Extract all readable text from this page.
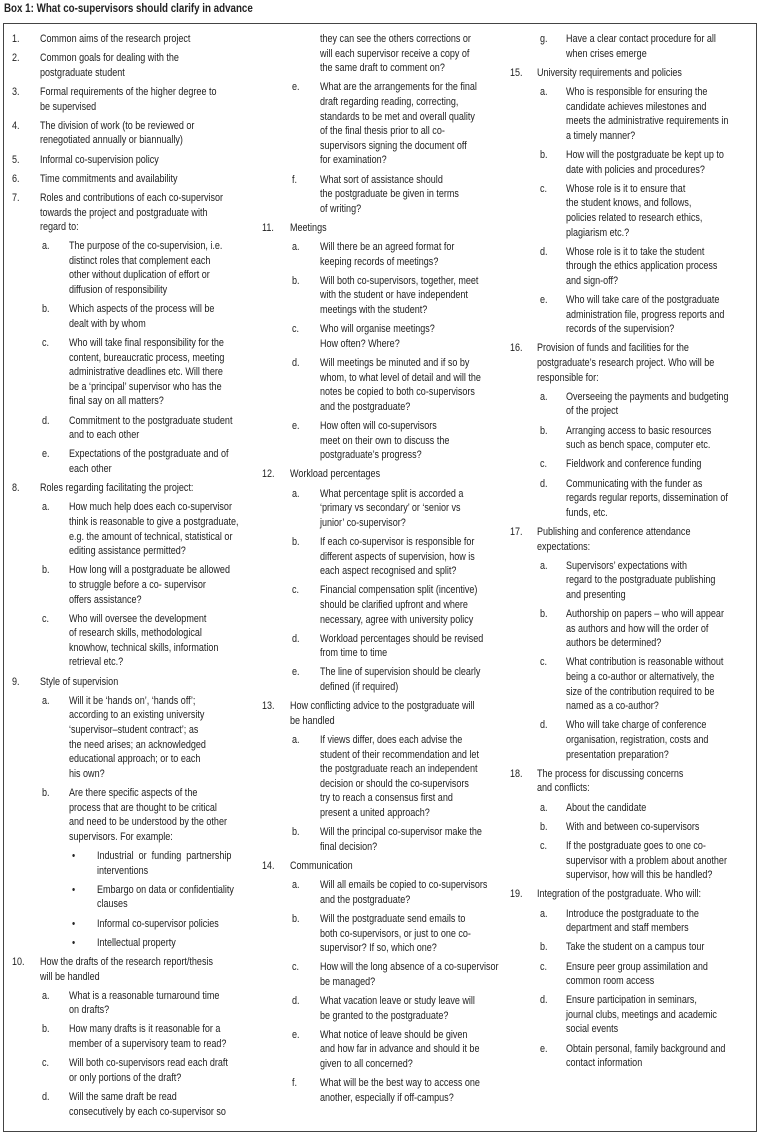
Box 1: What co-supervisors should clarify in advance
1. Common aims of the research project
2. Common goals for dealing with the
postgraduate student
3. Formal requirements of the higher degree to
be supervised
4. The division of work (to be reviewed or
renegotiated annually or biannually)
5. Informal co-supervision policy
6. Time commitments and availability
7. Roles and contributions of each co-supervisor
towards the project and postgraduate with
regard to:
a. The purpose of the co-supervision, i.e.
distinct roles that complement each
other without duplication of effort or
diffusion of responsibility
b. Which aspects of the process will be
dealt with by whom
c. Who will take final responsibility for the
content, bureaucratic process, meeting
administrative deadlines etc. Will there
be a ‘principal’ supervisor who has the
final say on all matters?
d. Commitment to the postgraduate student
and to each other
e. Expectations of the postgraduate and of
each other
8. Roles regarding facilitating the project:
a. How much help does each co-supervisor
think is reasonable to give a postgraduate,
e.g. the amount of technical, statistical or
editing assistance permitted?
b. How long will a postgraduate be allowed
to struggle before a co- supervisor
offers assistance?
c. Who will oversee the development
of research skills, methodological
knowhow, technical skills, information
retrieval etc.?
9. Style of supervision
a. Will it be ‘hands on’, ‘hands off’;
according to an existing university
‘supervisor–student contract’; as
the need arises; an acknowledged
educational approach; or to each
his own?
b. Are there specific aspects of the
process that are thought to be critical
and need to be understood by the other
supervisors. For example:
• Industrial  or  funding  partnership
interventions
• Embargo on data or confidentiality
clauses
• Informal co-supervisor policies
• Intellectual property
10. How the drafts of the research report/thesis
will be handled
a. What is a reasonable turnaround time
on drafts?
b. How many drafts is it reasonable for a
member of a supervisory team to read?
c. Will both co-supervisors read each draft
or only portions of the draft?
d. Will the same draft be read
consecutively by each co-supervisor so
they can see the others corrections or
will each supervisor receive a copy of
the same draft to comment on?
e. What are the arrangements for the final
draft regarding reading, correcting,
standards to be met and overall quality
of the final thesis prior to all co-
supervisors signing the document off
for examination?
f. What sort of assistance should
the postgraduate be given in terms
of writing?
11. Meetings
a. Will there be an agreed format for
keeping records of meetings?
b. Will both co-supervisors, together, meet
with the student or have independent
meetings with the student?
c. Who will organise meetings?
How often? Where?
d. Will meetings be minuted and if so by
whom, to what level of detail and will the
notes be copied to both co-supervisors
and the postgraduate?
e. How often will co-supervisors
meet on their own to discuss the
postgraduate’s progress?
12. Workload percentages
a. What percentage split is accorded a
‘primary vs secondary’ or ‘senior vs
junior’ co-supervisor?
b. If each co-supervisor is responsible for
different aspects of supervision, how is
each aspect recognised and split?
c. Financial compensation split (incentive)
should be clarified upfront and where
necessary, agree with university policy
d. Workload percentages should be revised
from time to time
e. The line of supervision should be clearly
defined (if required)
13. How conflicting advice to the postgraduate will
be handled
a. If views differ, does each advise the
student of their recommendation and let
the postgraduate reach an independent
decision or should the co-supervisors
try to reach a consensus first and
present a united approach?
b. Will the principal co-supervisor make the
final decision?
14. Communication
a. Will all emails be copied to co-supervisors
and the postgraduate?
b. Will the postgraduate send emails to
both co-supervisors, or just to one co-
supervisor? If so, which one?
c. How will the long absence of a co-supervisor
be managed?
d. What vacation leave or study leave will
be granted to the postgraduate?
e. What notice of leave should be given
and how far in advance and should it be
given to all concerned?
f. What will be the best way to access one
another, especially if off-campus?
g. Have a clear contact procedure for all
when crises emerge
15. University requirements and policies
a. Who is responsible for ensuring the
candidate achieves milestones and
meets the administrative requirements in
a timely manner?
b. How will the postgraduate be kept up to
date with policies and procedures?
c. Whose role is it to ensure that
the student knows, and follows,
policies related to research ethics,
plagiarism etc.?
d. Whose role is it to take the student
through the ethics application process
and sign-off?
e. Who will take care of the postgraduate
administration file, progress reports and
records of the supervision?
16. Provision of funds and facilities for the
postgraduate’s research project. Who will be
responsible for:
a. Overseeing the payments and budgeting
of the project
b. Arranging access to basic resources
such as bench space, computer etc.
c. Fieldwork and conference funding
d. Communicating with the funder as
regards regular reports, dissemination of
funds, etc.
17. Publishing and conference attendance
expectations:
a. Supervisors’ expectations with
regard to the postgraduate publishing
and presenting
b. Authorship on papers – who will appear
as authors and how will the order of
authors be determined?
c. What contribution is reasonable without
being a co-author or alternatively, the
size of the contribution required to be
named as a co-author?
d. Who will take charge of conference
organisation, registration, costs and
presentation preparation?
18. The process for discussing concerns
and conflicts:
a. About the candidate
b. With and between co-supervisors
c. If the postgraduate goes to one co-
supervisor with a problem about another
supervisor, how will this be handled?
19. Integration of the postgraduate. Who will:
a. Introduce the postgraduate to the
department and staff members
b. Take the student on a campus tour
c. Ensure peer group assimilation and
common room access
d. Ensure participation in seminars,
journal clubs, meetings and academic
social events
e. Obtain personal, family background and
contact information
